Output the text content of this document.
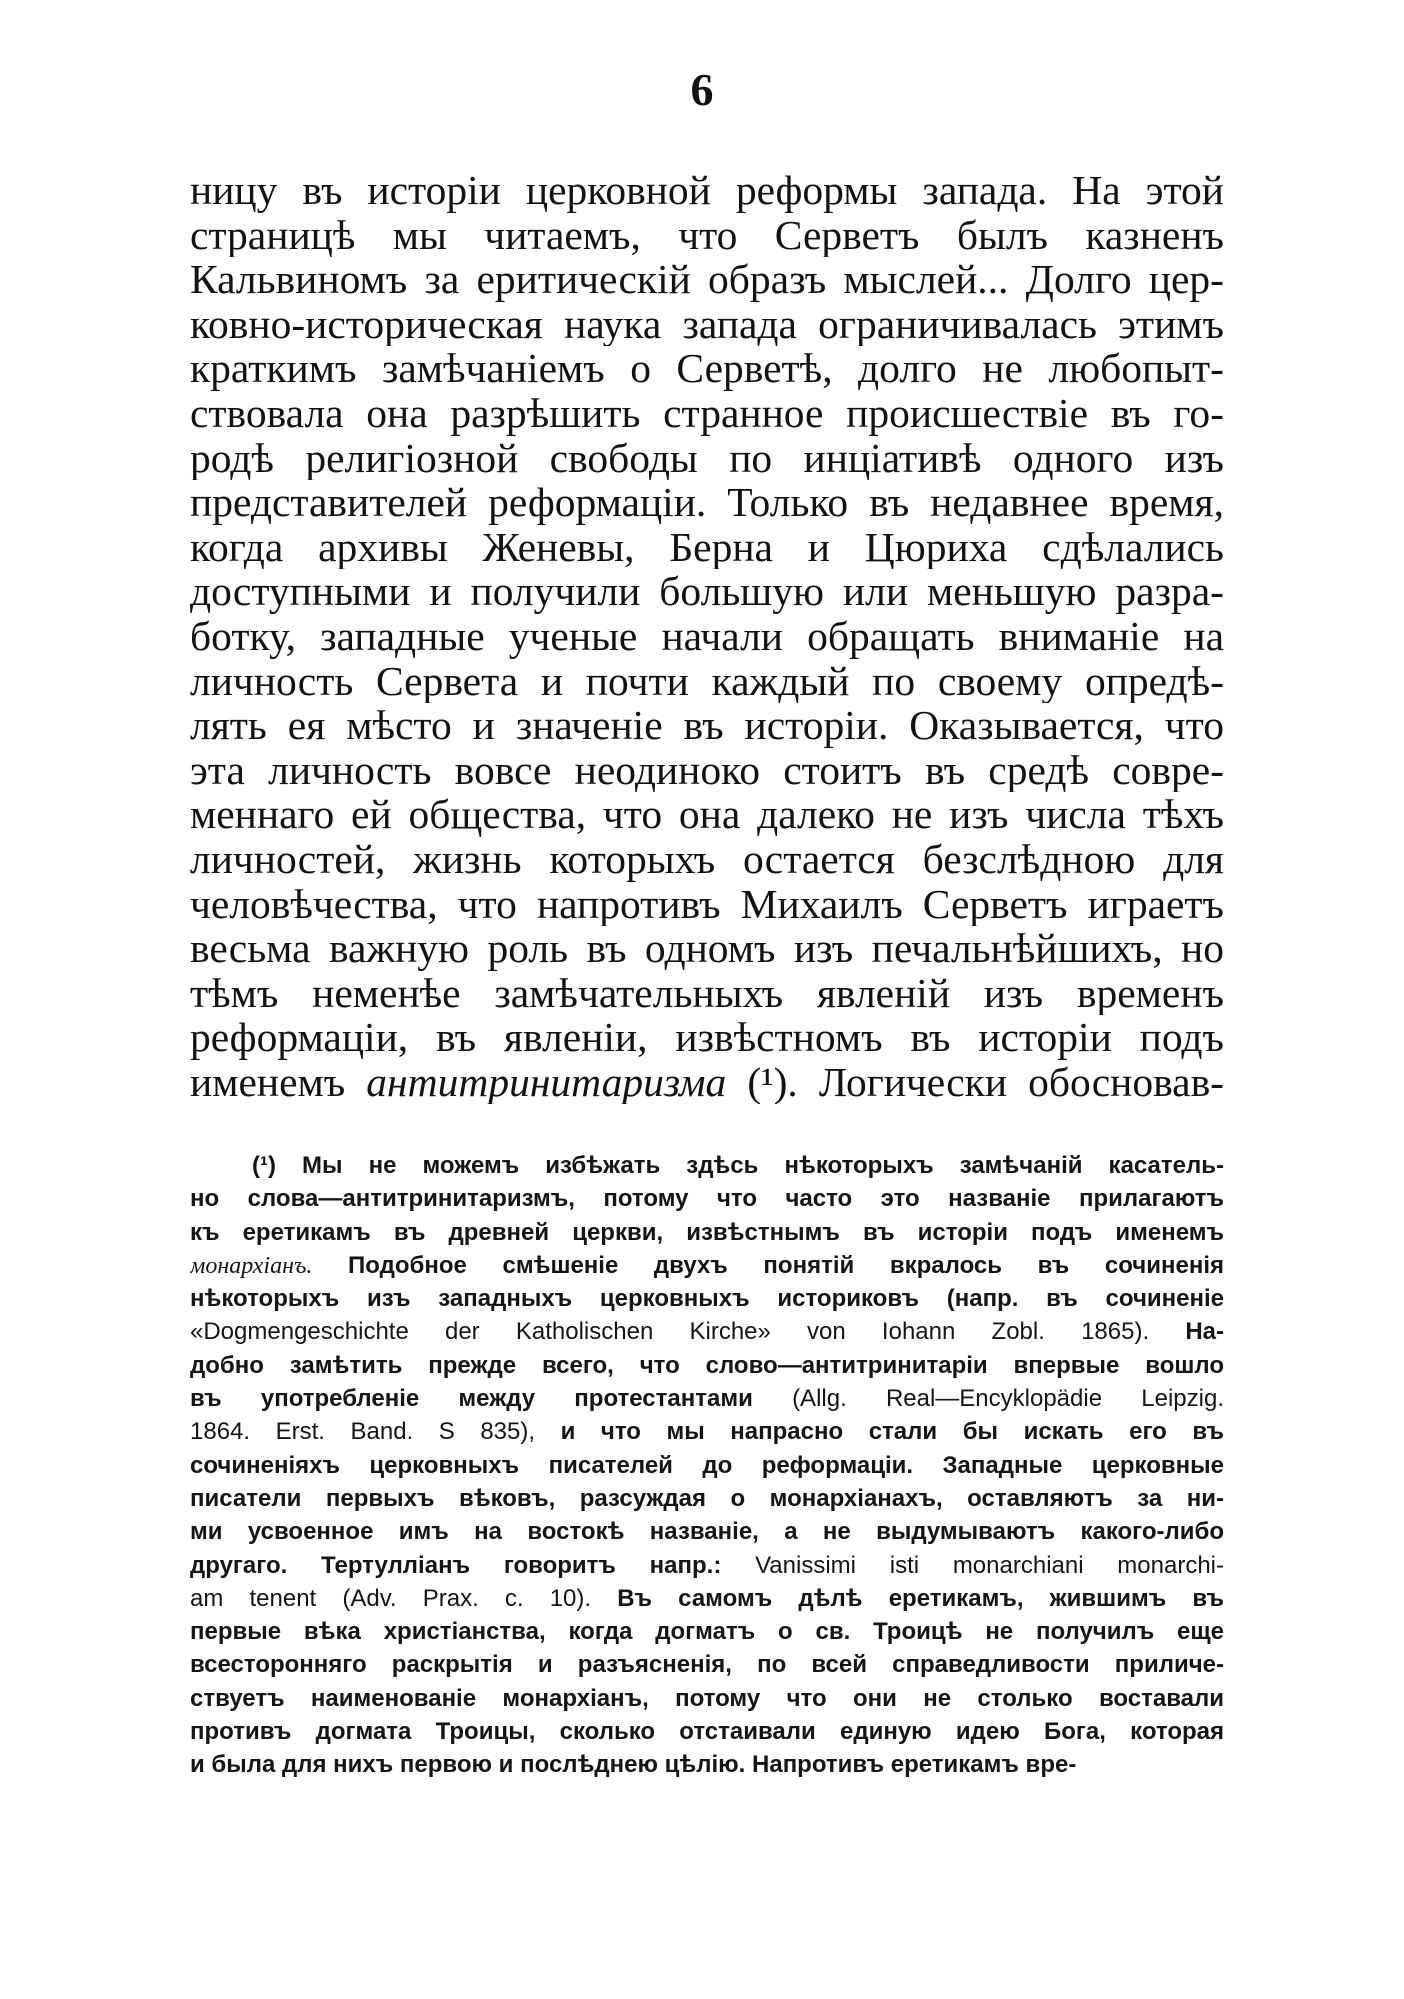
6
ницу въ исторіи церковной реформы запада. На этой
страницѣ мы читаемъ, что Серветъ былъ казненъ
Кальвиномъ за еритическій образъ мыслей... Долго цер-
ковно-историческая наука запада ограничивалась этимъ
краткимъ замѣчаніемъ о Серветѣ, долго не любопыт-
ствовала она разрѣшить странное происшествіе въ го-
родѣ религіозной свободы по инціативѣ одного изъ
представителей реформаціи. Только въ недавнее время,
когда архивы Женевы, Берна и Цюриха сдѣлались
доступными и получили большую или меньшую разра-
ботку, западные ученые начали обращать вниманіе на
личность Сервета и почти каждый по своему опредѣ-
лять ея мѣсто и значеніе въ исторіи. Оказывается, что
эта личность вовсе неодиноко стоитъ въ средѣ совре-
меннаго ей общества, что она далеко не изъ числа тѣхъ
личностей, жизнь которыхъ остается безслѣдною для
человѣчества, что напротивъ Михаилъ Серветъ играетъ
весьма важную роль въ одномъ изъ печальнѣйшихъ, но
тѣмъ неменѣе замѣчательныхъ явленій изъ временъ
реформаціи, въ явленіи, извѣстномъ въ исторіи подъ
именемъ антитринитаризма (¹). Логически обосновав-
(¹) Мы не можемъ избѣжать здѣсь нѣкоторыхъ замѣчаній касатель-
но слова—антитринитаризмъ, потому что часто это названіе прилагаютъ
къ еретикамъ въ древней церкви, извѣстнымъ въ исторіи подъ именемъ
монархіанъ. Подобное смѣшеніе двухъ понятій вкралось въ сочиненія
нѣкоторыхъ изъ западныхъ церковныхъ историковъ (напр. въ сочиненіе
«Dogmengeschichte der Katholischen Kirche» von Iohann Zobl. 1865). На-
добно замѣтить прежде всего, что слово—антитринитаріи впервые вошло
въ употребленіе между протестантами (Allg. Real—Encyklopädie Leipzig.
1864. Erst. Band. S 835), и что мы напрасно стали бы искать его въ
сочиненіяхъ церковныхъ писателей до реформаціи. Западные церковные
писатели первыхъ вѣковъ, разсуждая о монархіанахъ, оставляютъ за ни-
ми усвоенное имъ на востокѣ названіе, а не выдумываютъ какого-либо
другаго. Тертулліанъ говоритъ напр.: Vanissimi isti monarchiani monarchi-
am tenent (Adv. Prax. c. 10). Въ самомъ дѣлѣ еретикамъ, жившимъ въ
первые вѣка христіанства, когда догматъ о св. Троицѣ не получилъ еще
всесторонняго раскрытія и разъясненія, по всей справедливости приличе-
ствуетъ наименованіе монархіанъ, потому что они не столько воставали
противъ догмата Троицы, сколько отстаивали единую идею Бога, которая
и была для нихъ первою и послѣднею цѣлію. Напротивъ еретикамъ вре-
